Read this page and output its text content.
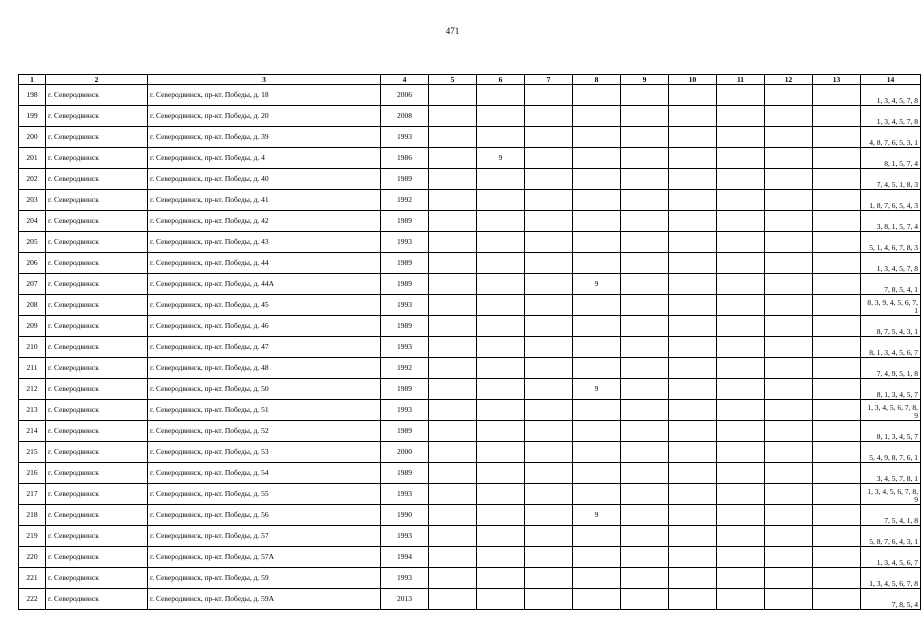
471
1	2	3	4	5	6	7	8	9	10	11	12	13	14
198	г. Северодвинск	г. Северодвинск, пр-кт. Победы, д. 18	2006										1, 3, 4, 5, 7, 8
199	г. Северодвинск	г. Северодвинск, пр-кт. Победы, д. 20	2008										1, 3, 4, 5, 7, 8
200	г. Северодвинск	г. Северодвинск, пр-кт. Победы, д. 39	1993										4, 8, 7, 6, 5, 3, 1
201	г. Северодвинск	г. Северодвинск, пр-кт. Победы, д. 4	1986		9								8, 1, 5, 7, 4
202	г. Северодвинск	г. Северодвинск, пр-кт. Победы, д. 40	1989										7, 4, 5, 1, 8, 3
203	г. Северодвинск	г. Северодвинск, пр-кт. Победы, д. 41	1992										1, 8, 7, 6, 5, 4, 3
204	г. Северодвинск	г. Северодвинск, пр-кт. Победы, д. 42	1989										3, 8, 1, 5, 7, 4
205	г. Северодвинск	г. Северодвинск, пр-кт. Победы, д. 43	1993										5, 1, 4, 6, 7, 8, 3
206	г. Северодвинск	г. Северодвинск, пр-кт. Победы, д. 44	1989										1, 3, 4, 5, 7, 8
207	г. Северодвинск	г. Северодвинск, пр-кт. Победы, д. 44А	1989				9						7, 8, 5, 4, 1
208	г. Северодвинск	г. Северодвинск, пр-кт. Победы, д. 45	1993										8, 3, 9, 4, 5, 6, 7, 1
209	г. Северодвинск	г. Северодвинск, пр-кт. Победы, д. 46	1989										8, 7, 5, 4, 3, 1
210	г. Северодвинск	г. Северодвинск, пр-кт. Победы, д. 47	1993										8, 1, 3, 4, 5, 6, 7
211	г. Северодвинск	г. Северодвинск, пр-кт. Победы, д. 48	1992										7, 4, 9, 5, 1, 8
212	г. Северодвинск	г. Северодвинск, пр-кт. Победы, д. 50	1989				9						8, 1, 3, 4, 5, 7
213	г. Северодвинск	г. Северодвинск, пр-кт. Победы, д. 51	1993										1, 3, 4, 5, 6, 7, 8, 9
214	г. Северодвинск	г. Северодвинск, пр-кт. Победы, д. 52	1989										8, 1, 3, 4, 5, 7
215	г. Северодвинск	г. Северодвинск, пр-кт. Победы, д. 53	2000										5, 4, 9, 8, 7, 6, 1
216	г. Северодвинск	г. Северодвинск, пр-кт. Победы, д. 54	1989										3, 4, 5, 7, 8, 1
217	г. Северодвинск	г. Северодвинск, пр-кт. Победы, д. 55	1993										1, 3, 4, 5, 6, 7, 8, 9
218	г. Северодвинск	г. Северодвинск, пр-кт. Победы, д. 56	1990				9						7, 5, 4, 1, 8
219	г. Северодвинск	г. Северодвинск, пр-кт. Победы, д. 57	1993										5, 8, 7, 6, 4, 3, 1
220	г. Северодвинск	г. Северодвинск, пр-кт. Победы, д. 57А	1994										1, 3, 4, 5, 6, 7
221	г. Северодвинск	г. Северодвинск, пр-кт. Победы, д. 59	1993										1, 3, 4, 5, 6, 7, 8
222	г. Северодвинск	г. Северодвинск, пр-кт. Победы, д. 59А	2013										7, 8, 5, 4
